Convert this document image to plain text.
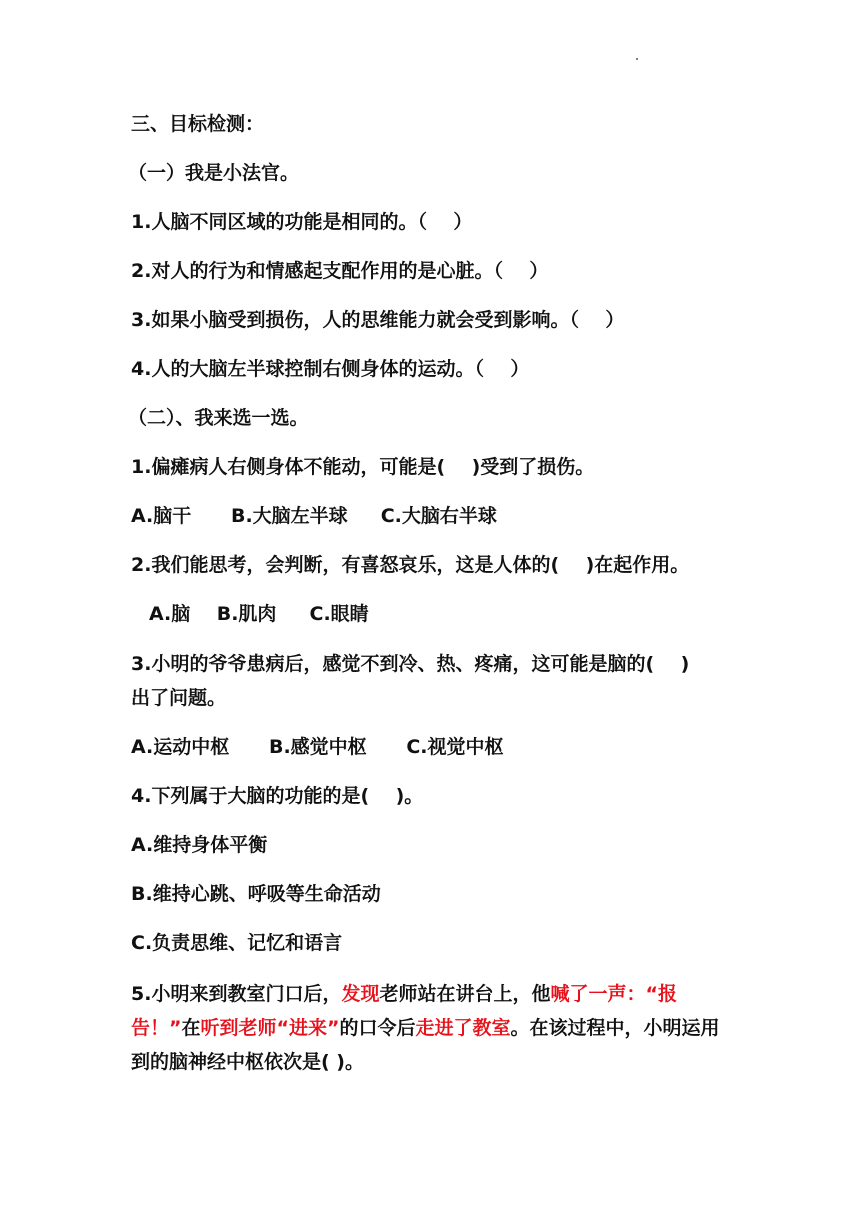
三、目标检测：
（一）我是小法官。
1.人脑不同区域的功能是相同的。（    ）
2.对人的行为和情感起支配作用的是心脏。（    ）
3.如果小脑受到损伤，人的思维能力就会受到影响。（    ）
4.人的大脑左半球控制右侧身体的运动。（    ）
（二）、我来选一选。
1.偏瘫病人右侧身体不能动，可能是(    )受到了损伤。
A.脑干      B.大脑左半球     C.大脑右半球
2.我们能思考，会判断，有喜怒哀乐，这是人体的(    )在起作用。
A.脑    B.肌肉     C.眼睛
3.小明的爷爷患病后，感觉不到冷、热、疼痛，这可能是脑的(    )
出了问题。
A.运动中枢      B.感觉中枢      C.视觉中枢
4.下列属于大脑的功能的是(    )。
A.维持身体平衡
B.维持心跳、呼吸等生命活动
C.负责思维、记忆和语言
5.小明来到教室门口后，发现老师站在讲台上，他喊了一声：“报告！”在听到老师“进来”的口令后走进了教室。在该过程中，小明运用到的脑神经中枢依次是( )。
